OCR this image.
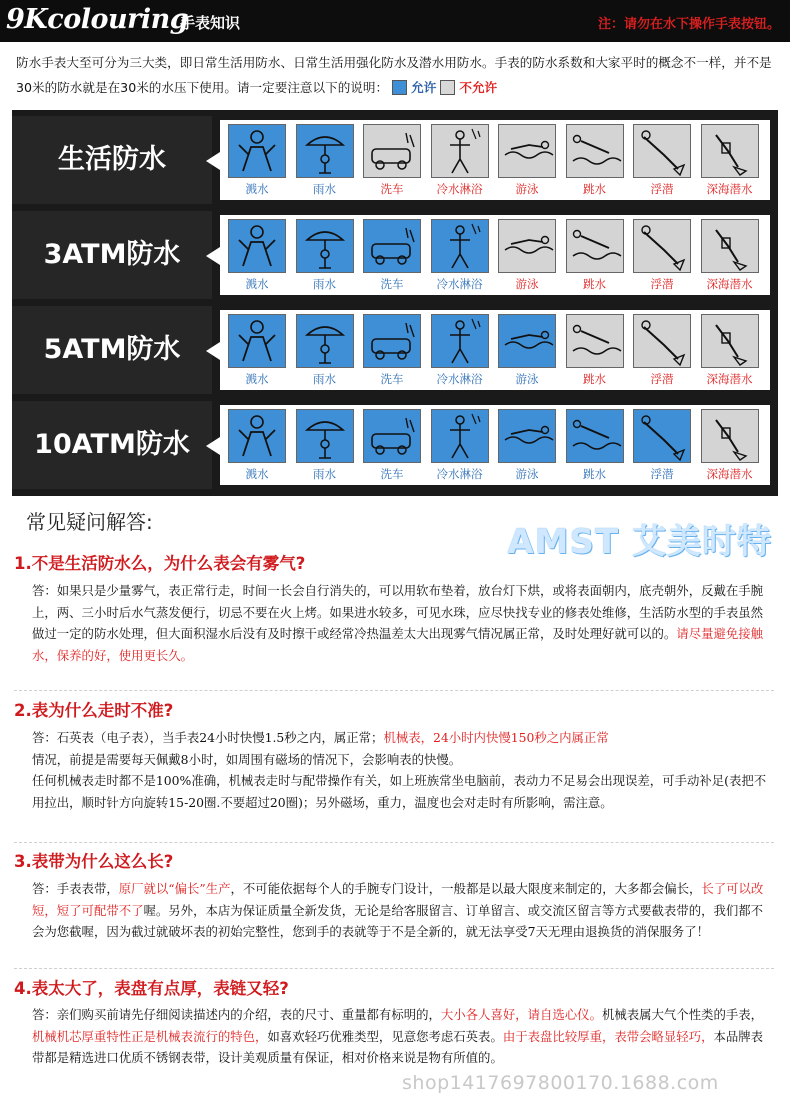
9Kcolouring
手表知识	注：请勿在水下操作手表按钮。
防水手表大至可分为三大类，即日常生活用防水、日常生活用强化防水及潜水用防水。手表的防水系数和大家平时的概念不一样，并不是30米的防水就是在30米的水压下使用。请一定要注意以下的说明： 允许 不允许
生活防水
溅水	雨水	洗车	冷水淋浴	游泳	跳水	浮潜	深海潜水
3ATM防水
溅水	雨水	洗车	冷水淋浴	游泳	跳水	浮潜	深海潜水
5ATM防水
溅水	雨水	洗车	冷水淋浴	游泳	跳水	浮潜	深海潜水
10ATM防水
溅水	雨水	洗车	冷水淋浴	游泳	跳水	浮潜	深海潜水
常见疑问解答:	AMST 艾美时特
1.不是生活防水么，为什么表会有雾气?
答：如果只是少量雾气，表正常行走，时间一长会自行消失的，可以用软布垫着，放台灯下烘，或将表面朝内，底壳朝外，反戴在手腕上，两、三小时后水气蒸发便行，切忌不要在火上烤。如果进水较多，可见水珠，应尽快找专业的修表处维修，生活防水型的手表虽然做过一定的防水处理，但大面积湿水后没有及时擦干或经常冷热温差太大出现雾气情况属正常，及时处理好就可以的。请尽量避免接触水，保养的好，使用更长久。
2.表为什么走时不准?
答：石英表（电子表），当手表24小时快慢1.5秒之内，属正常；机械表，24小时内快慢150秒之内属正常
情况，前提是需要每天佩戴8小时，如周围有磁场的情况下，会影响表的快慢。
任何机械表走时都不是100%准确，机械表走时与配带操作有关，如上班族常坐电脑前，表动力不足易会出现误差，可手动补足(表把不用拉出，顺时针方向旋转15-20圈.不要超过20圈)；另外磁场，重力，温度也会对走时有所影响，需注意。
3.表带为什么这么长?
答：手表表带，原厂就以“偏长”生产，不可能依据每个人的手腕专门设计，一般都是以最大限度来制定的，大多都会偏长，长了可以改短，短了可配带不了喔。另外，本店为保证质量全新发货，无论是给客服留言、订单留言、或交流区留言等方式要截表带的，我们都不会为您截喔，因为截过就破坏表的初始完整性，您到手的表就等于不是全新的，就无法享受7天无理由退换货的消保服务了！
4.表太大了，表盘有点厚，表链又轻?
答：亲们购买前请先仔细阅读描述内的介绍，表的尺寸、重量都有标明的，大小各人喜好，请自选心仪。机械表属大气个性类的手表，机械机芯厚重特性正是机械表流行的特色，如喜欢轻巧优雅类型，见意您考虑石英表。由于表盘比较厚重，表带会略显轻巧，本品牌表带都是精选进口优质不锈钢表带，设计美观质量有保证，相对价格来说是物有所值的。
shop1417697800170.1688.com
